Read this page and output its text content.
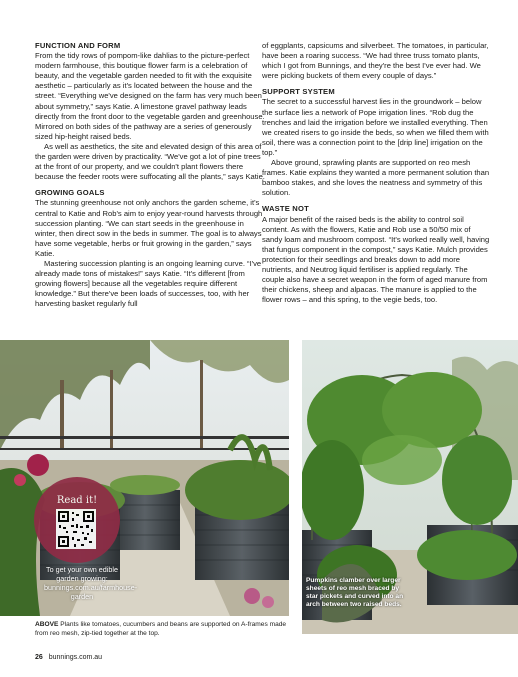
FUNCTION AND FORM

From the tidy rows of pompom-like dahlias to the picture-perfect modern farmhouse, this boutique flower farm is a celebration of beauty, and the vegetable garden needed to fit with the exquisite aesthetic – particularly as it's located between the house and the street. “Everything we've designed on the farm has very much been about symmetry,” says Katie. A limestone gravel pathway leads directly from the front door to the vegetable garden and greenhouse. Mirrored on both sides of the pathway are a series of generously sized hip-height raised beds.

As well as aesthetics, the site and elevated design of this area of the garden were driven by practicality. “We've got a lot of pine trees at the front of our property, and we couldn't plant flowers there because the feeder roots were suffocating all the plants,” says Katie.

GROWING GOALS

The stunning greenhouse not only anchors the garden scheme, it's central to Katie and Rob's aim to enjoy year-round harvests through succession planting. “We can start seeds in the greenhouse in winter, then direct sow in the beds in summer. The goal is to always have some vegetable, herbs or fruit growing in the garden,” says Katie.

Mastering succession planting is an ongoing learning curve. “I've already made tons of mistakes!” says Katie. “It's different [from growing flowers] because all the vegetables require different knowledge.” But there've been loads of successes, too, with her harvesting basket regularly full

of eggplants, capsicums and silverbeet. The tomatoes, in particular, have been a roaring success. “We had three truss tomato plants, which I got from Bunnings, and they're the best I've ever had. We were picking buckets of them every couple of days.”

SUPPORT SYSTEM

The secret to a successful harvest lies in the groundwork – below the surface lies a network of Pope irrigation lines. “Rob dug the trenches and laid the irrigation before we installed everything. Then we created risers to go inside the beds, so when we filled them with soil, there was a connection point to the [drip line] irrigation on the top.”

Above ground, sprawling plants are supported on reo mesh frames. Katie explains they wanted a more permanent solution than bamboo stakes, and she loves the neatness and symmetry of this solution.

WASTE NOT

A major benefit of the raised beds is the ability to control soil content. As with the flowers, Katie and Rob use a 50/50 mix of sandy loam and mushroom compost. “It's worked really well, having that fungus component in the compost,” says Katie. Mulch provides protection for their seedlings and breaks down to add more nutrients, and Neutrog liquid fertiliser is applied regularly. The couple also have a secret weapon in the form of aged manure from their chickens, sheep and alpacas. The manure is applied to the flower rows – and this spring, to the vegie beds, too.

Read it!
To get your own edible garden growing: bunnings.com.au/farmhouse-garden
Pumpkins clamber over larger sheets of reo mesh braced by star pickets and curved into an arch between two raised beds.
ABOVE Plants like tomatoes, cucumbers and beans are supported on A-frames made from reo mesh, zip-tied together at the top.
26 bunnings.com.au
